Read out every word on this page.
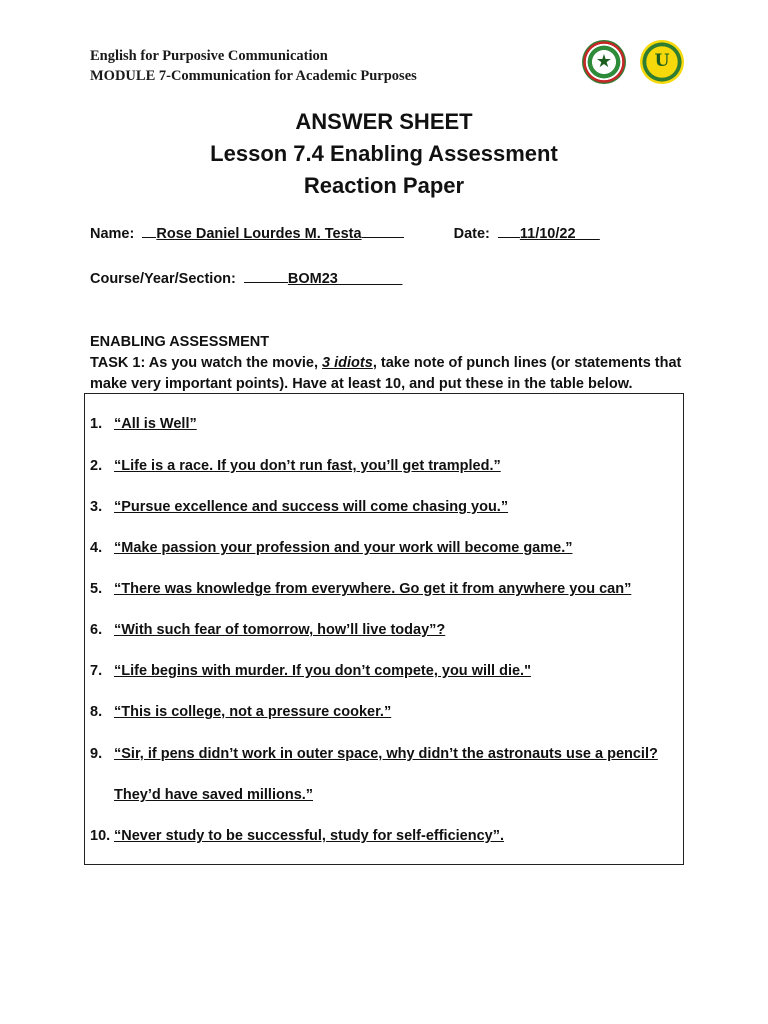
English for Purposive Communication
MODULE 7-Communication for Academic Purposes
★	U
ANSWER SHEET
Lesson 7.4 Enabling Assessment
Reaction Paper
Name: Rose Daniel Lourdes M. Testa	Date: 11/10/22___
Course/Year/Section:	BOM23________
ENABLING ASSESSMENT
TASK 1: As you watch the movie, 3 idiots, take note of punch lines (or statements that make very important points). Have at least 10, and put these in the table below.
1. “All is Well”
2. “Life is a race. If you don’t run fast, you’ll get trampled.”
3. “Pursue excellence and success will come chasing you.”
4. “Make passion your profession and your work will become game.”
5. “There was knowledge from everywhere. Go get it from anywhere you can”
6. “With such fear of tomorrow, how’ll live today”?
7. “Life begins with murder. If you don’t compete, you will die."
8. “This is college, not a pressure cooker.”
9. “Sir, if pens didn’t work in outer space, why didn’t the astronauts use a pencil?
They’d have saved millions.”
10. “Never study to be successful, study for self-efficiency”.
